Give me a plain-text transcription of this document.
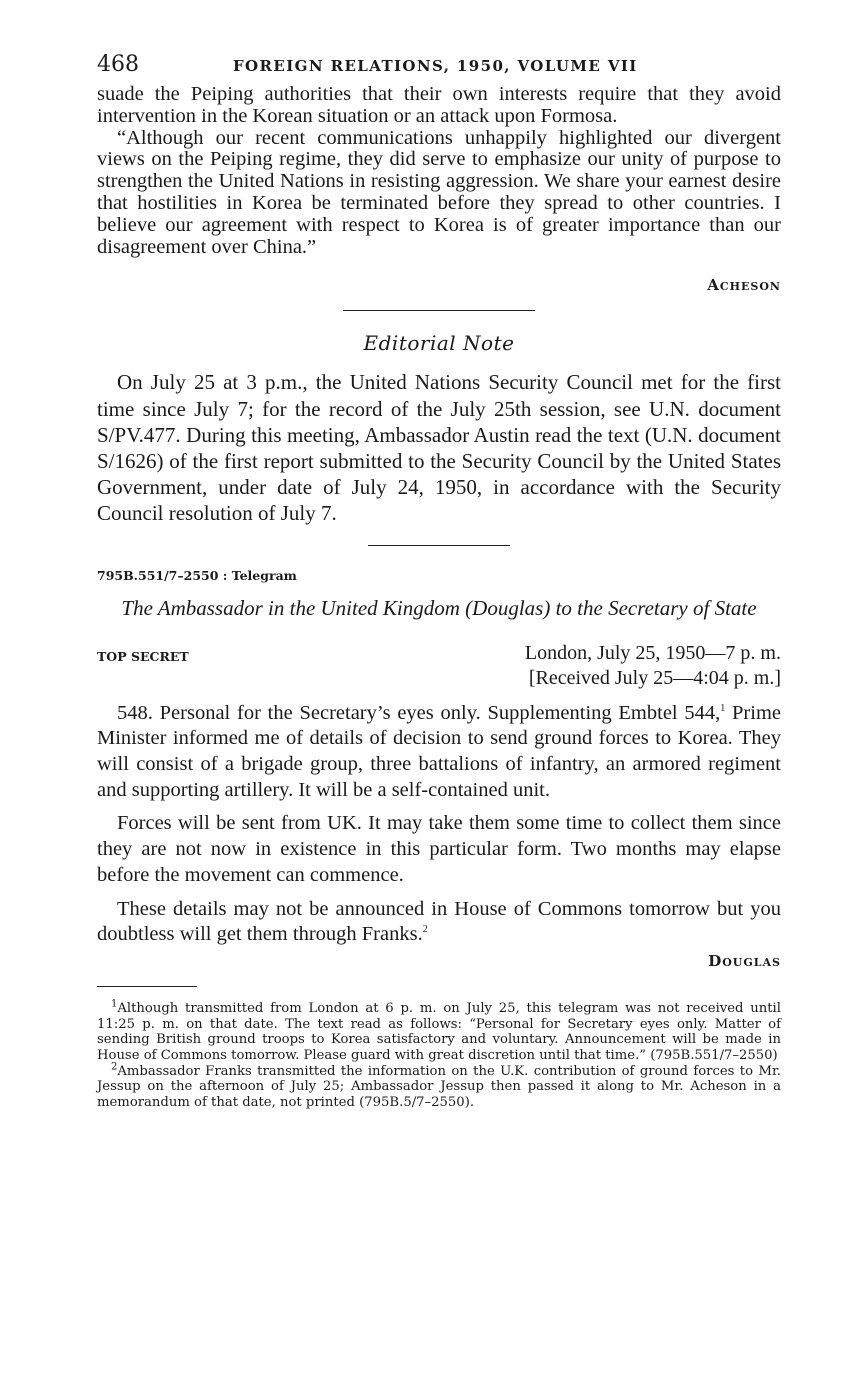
468	FOREIGN RELATIONS, 1950, VOLUME VII

suade the Peiping authorities that their own interests require that they avoid intervention in the Korean situation or an attack upon Formosa.

“Although our recent communications unhappily highlighted our divergent views on the Peiping regime, they did serve to emphasize our unity of purpose to strengthen the United Nations in resisting aggression. We share your earnest desire that hostilities in Korea be terminated before they spread to other countries. I believe our agreement with respect to Korea is of greater importance than our disagreement over China.”

Acheson
Editorial Note

On July 25 at 3 p.m., the United Nations Security Council met for the first time since July 7; for the record of the July 25th session, see U.N. document S/PV.477. During this meeting, Ambassador Austin read the text (U.N. document S/1626) of the first report submitted to the Security Council by the United States Government, under date of July 24, 1950, in accordance with the Security Council resolution of July 7.

795B.551/7–2550 : Telegram
The Ambassador in the United Kingdom (Douglas) to the Secretary of State
TOP SECRET	London, July 25, 1950—7 p. m.
[Received July 25—4:04 p. m.]

548. Personal for the Secretary’s eyes only. Supplementing Embtel 544,$^1$ Prime Minister informed me of details of decision to send ground forces to Korea. They will consist of a brigade group, three battalions of infantry, an armored regiment and supporting artillery. It will be a self-contained unit.

Forces will be sent from UK. It may take them some time to collect them since they are not now in existence in this particular form. Two months may elapse before the movement can commence.

These details may not be announced in House of Commons tomorrow but you doubtless will get them through Franks.$^2$

Douglas

$^1$Although transmitted from London at 6 p. m. on July 25, this telegram was not received until 11:25 p. m. on that date. The text read as follows: “Personal for Secretary eyes only. Matter of sending British ground troops to Korea satisfactory and voluntary. Announcement will be made in House of Commons tomorrow. Please guard with great discretion until that time.” (795B.551/7–2550)

$^2$Ambassador Franks transmitted the information on the U.K. contribution of ground forces to Mr. Jessup on the afternoon of July 25; Ambassador Jessup then passed it along to Mr. Acheson in a memorandum of that date, not printed (795B.5/7–2550).
